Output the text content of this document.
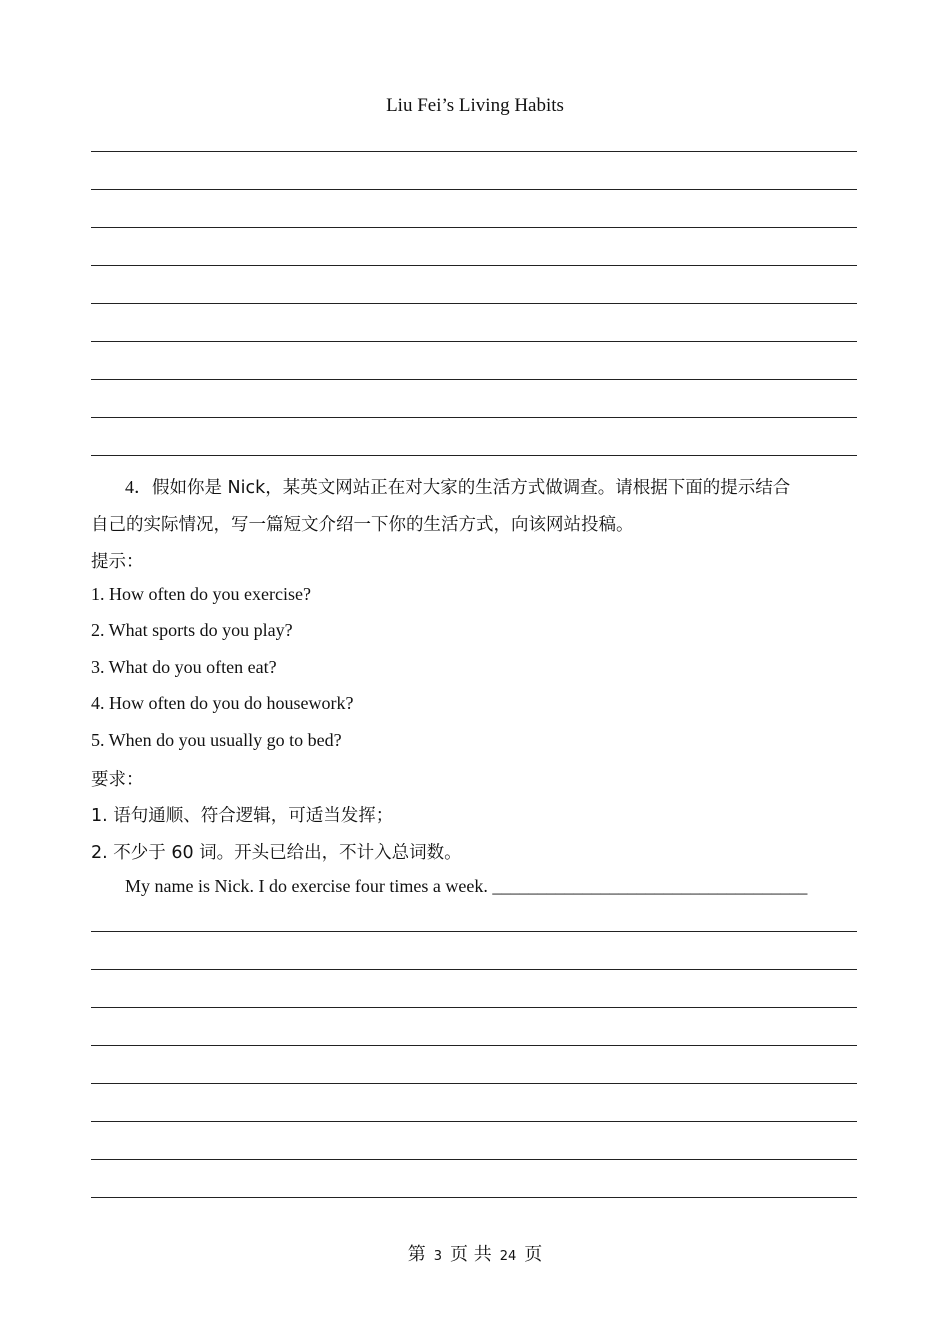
Liu Fei’s Living Habits
4．假如你是 Nick，某英文网站正在对大家的生活方式做调查。请根据下面的提示结合
自己的实际情况，写一篇短文介绍一下你的生活方式，向该网站投稿。
提示：
1. How often do you exercise?
2. What sports do you play?
3. What do you often eat?
4. How often do you do housework?
5. When do you usually go to bed?
要求：
1. 语句通顺、符合逻辑，可适当发挥；
2. 不少于 60 词。开头已给出，不计入总词数。
My name is Nick. I do exercise four times a week. ___________________________________
第 3 页 共 24 页
